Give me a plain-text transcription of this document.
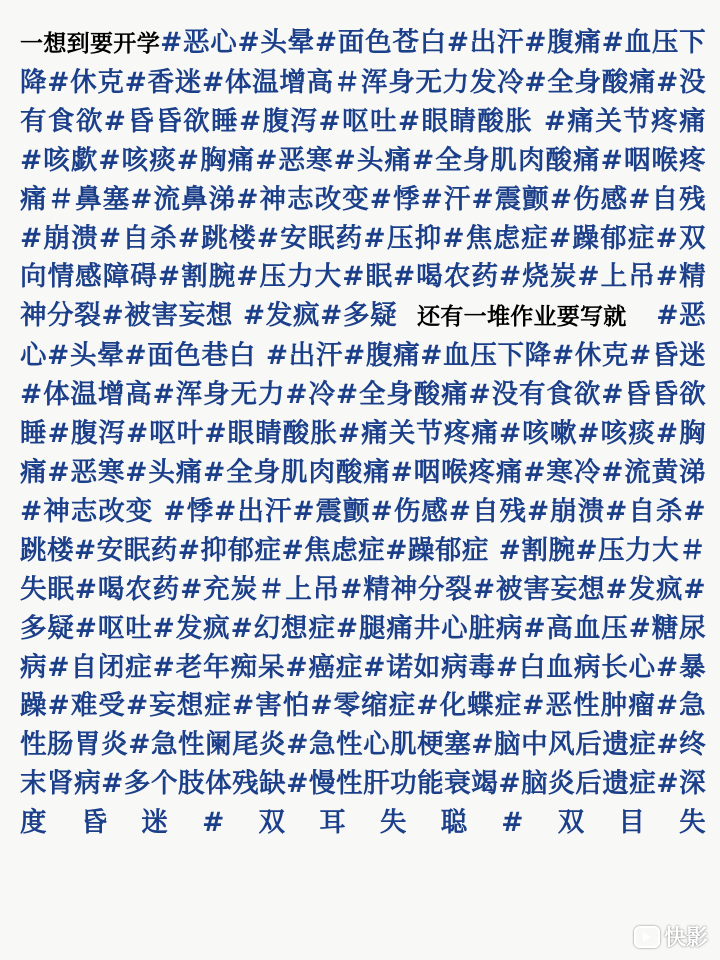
一想到要开学#恶心#头晕#面色苍白#出汗#腹痛#血压下降#休克#香迷#体温增高＃浑身无力发冷#全身酸痛#没有食欲#昏昏欲睡#腹泻#呕吐#眼睛酸胀 #痛关节疼痛 #咳歔#咳痰#胸痛#恶寒#头痛#全身肌肉酸痛#咽喉疼痛＃鼻塞#流鼻涕#神志改变#悸#汗#震颤#伤感#自残#崩溃#自杀#跳楼#安眠药#压抑#焦虑症#躁郁症#双向情感障碍#割腕#压力大#眠#喝农药#烧炭#上吊#精神分裂#被害妄想 #发疯#多疑 还有一堆作业要写就 #恶心#头晕#面色巷白 #出汗#腹痛#血压下降#休克#昏迷#体温增高#浑身无力#冷#全身酸痛#没有食欲#昏昏欲睡#腹泻#呕叶#眼睛酸胀#痛关节疼痛#咳嗽#咳痰#胸痛#恶寒#头痛#全身肌肉酸痛#咽喉疼痛#寒冷#流黄涕#神志改变 #悸#出汗#震颤#伤感#自残#崩溃#自杀#跳楼#安眠药#抑郁症#焦虑症#躁郁症 #割腕#压力大＃失眠#喝农药#充炭＃上吊#精神分裂#被害妄想#发疯#多疑#呕吐#发疯#幻想症#腿痛井心脏病#高血压#糖尿病#自闭症#老年痴呆#癌症#诺如病毒#白血病长心#暴躁#难受#妄想症#害怕#零缩症#化蝶症#恶性肿瘤#急性肠胃炎#急性阑尾炎#急性心肌梗塞#脑中风后遗症#终末肾病#多个肢体残缺#慢性肝功能衰竭#脑炎后遗症#深度昏迷#双耳失聪#双目失

快影
